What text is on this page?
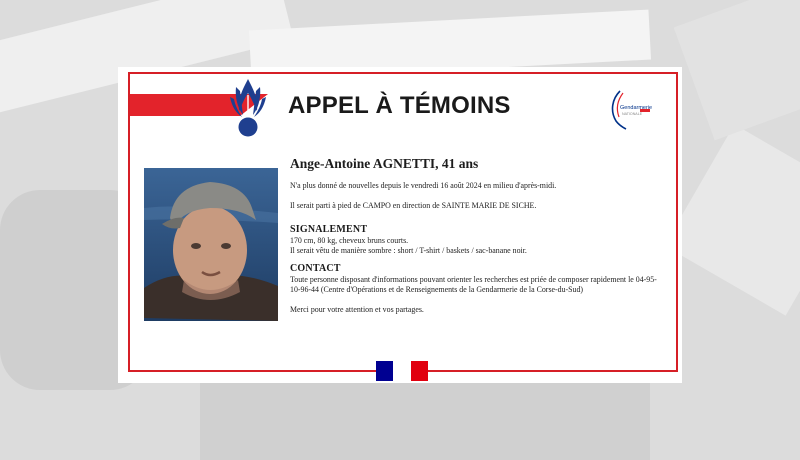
APPEL À TÉMOINS	Gendarmerie
NATIONALE
Ange-Antoine AGNETTI, 41 ans

N'a plus donné de nouvelles depuis le vendredi 16 août 2024 en milieu d'après-midi.

Il serait parti à pied de CAMPO en direction de SAINTE MARIE DE SICHE.

SIGNALEMENT

170 cm, 80 kg, cheveux bruns courts.

Il serait vêtu de manière sombre : short / T-shirt / baskets / sac-banane noir.

CONTACT

Toute personne disposant d'informations pouvant orienter les recherches est priée de composer rapidement le 04-95-10-96-44 (Centre d'Opérations et de Renseignements de la Gendarmerie de la Corse-du-Sud)

Merci pour votre attention et vos partages.
